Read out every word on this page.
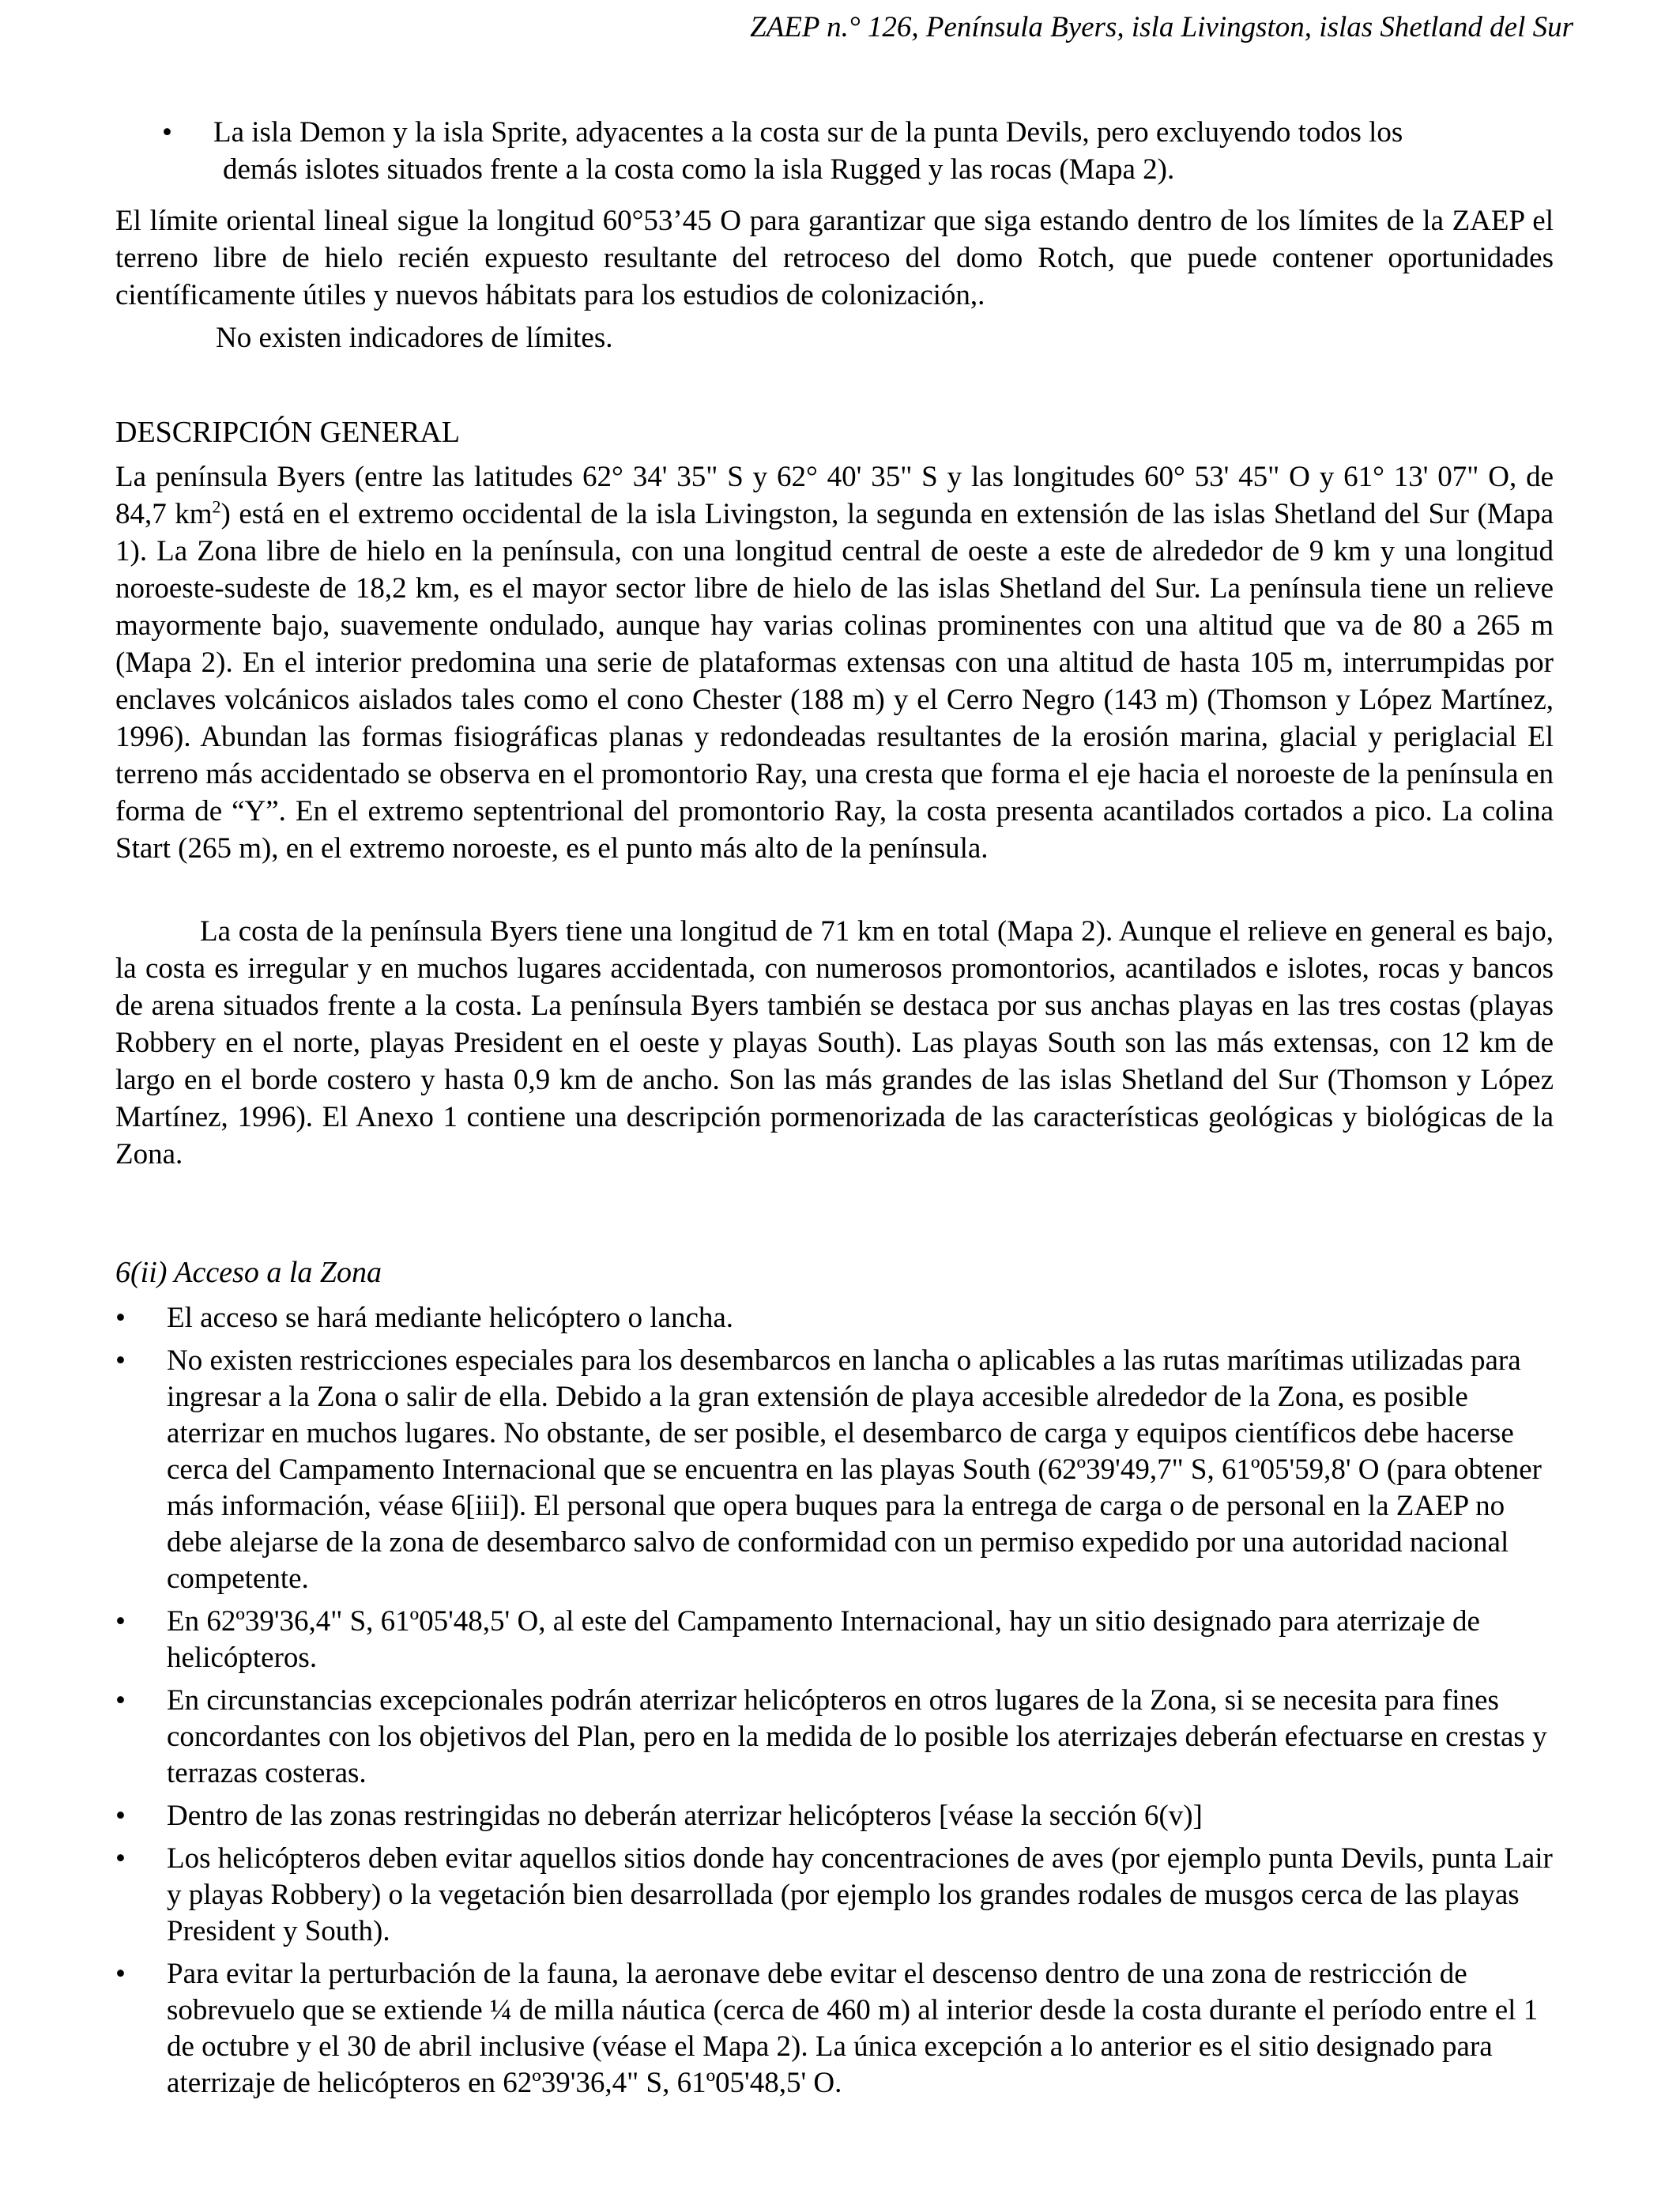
ZAEP n.° 126, Península Byers, isla Livingston, islas Shetland del Sur
•	La isla Demon y la isla Sprite, adyacentes a la costa sur de la punta Devils, pero excluyendo todos los
demás islotes situados frente a la costa como la isla Rugged y las rocas (Mapa 2).
El límite oriental lineal sigue la longitud 60°53’45 O para garantizar que siga estando dentro de los límites de la ZAEP el terreno libre de hielo recién expuesto resultante del retroceso del domo Rotch, que puede contener oportunidades científicamente útiles y nuevos hábitats para los estudios de colonización,.
No existen indicadores de límites.
DESCRIPCIÓN GENERAL
La península Byers (entre las latitudes 62° 34' 35" S y 62° 40' 35" S y las longitudes 60° 53' 45" O y 61° 13' 07" O, de 84,7 $km^2$) está en el extremo occidental de la isla Livingston, la segunda en extensión de las islas Shetland del Sur (Mapa 1). La Zona libre de hielo en la península, con una longitud central de oeste a este de alrededor de 9 km y una longitud noroeste-sudeste de 18,2 km, es el mayor sector libre de hielo de las islas Shetland del Sur. La península tiene un relieve mayormente bajo, suavemente ondulado, aunque hay varias colinas prominentes con una altitud que va de 80 a 265 m (Mapa 2). En el interior predomina una serie de plataformas extensas con una altitud de hasta 105 m, interrumpidas por enclaves volcánicos aislados tales como el cono Chester (188 m) y el Cerro Negro (143 m) (Thomson y López Martínez, 1996). Abundan las formas fisiográficas planas y redondeadas resultantes de la erosión marina, glacial y periglacial El terreno más accidentado se observa en el promontorio Ray, una cresta que forma el eje hacia el noroeste de la península en forma de “Y”. En el extremo septentrional del promontorio Ray, la costa presenta acantilados cortados a pico. La colina Start (265 m), en el extremo noroeste, es el punto más alto de la península.
La costa de la península Byers tiene una longitud de 71 km en total (Mapa 2). Aunque el relieve en general es bajo, la costa es irregular y en muchos lugares accidentada, con numerosos promontorios, acantilados e islotes, rocas y bancos de arena situados frente a la costa. La península Byers también se destaca por sus anchas playas en las tres costas (playas Robbery en el norte, playas President en el oeste y playas South). Las playas South son las más extensas, con 12 km de largo en el borde costero y hasta 0,9 km de ancho. Son las más grandes de las islas Shetland del Sur (Thomson y López Martínez, 1996). El Anexo 1 contiene una descripción pormenorizada de las características geológicas y biológicas de la Zona.
6(ii) Acceso a la Zona
• El acceso se hará mediante helicóptero o lancha.
• No existen restricciones especiales para los desembarcos en lancha o aplicables a las rutas marítimas utilizadas para ingresar a la Zona o salir de ella. Debido a la gran extensión de playa accesible alrededor de la Zona, es posible aterrizar en muchos lugares. No obstante, de ser posible, el desembarco de carga y equipos científicos debe hacerse cerca del Campamento Internacional que se encuentra en las playas South (62º39'49,7" S, 61º05'59,8' O (para obtener más información, véase 6[iii]). El personal que opera buques para la entrega de carga o de personal en la ZAEP no debe alejarse de la zona de desembarco salvo de conformidad con un permiso expedido por una autoridad nacional competente.
• En 62º39'36,4" S, 61º05'48,5' O, al este del Campamento Internacional, hay un sitio designado para aterrizaje de helicópteros.
• En circunstancias excepcionales podrán aterrizar helicópteros en otros lugares de la Zona, si se necesita para fines concordantes con los objetivos del Plan, pero en la medida de lo posible los aterrizajes deberán efectuarse en crestas y terrazas costeras.
• Dentro de las zonas restringidas no deberán aterrizar helicópteros [véase la sección 6(v)]
• Los helicópteros deben evitar aquellos sitios donde hay concentraciones de aves (por ejemplo punta Devils, punta Lair y playas Robbery) o la vegetación bien desarrollada (por ejemplo los grandes rodales de musgos cerca de las playas President y South).
• Para evitar la perturbación de la fauna, la aeronave debe evitar el descenso dentro de una zona de restricción de sobrevuelo que se extiende ¼ de milla náutica (cerca de 460 m) al interior desde la costa durante el período entre el 1 de octubre y el 30 de abril inclusive (véase el Mapa 2). La única excepción a lo anterior es el sitio designado para aterrizaje de helicópteros en 62º39'36,4" S, 61º05'48,5' O.
